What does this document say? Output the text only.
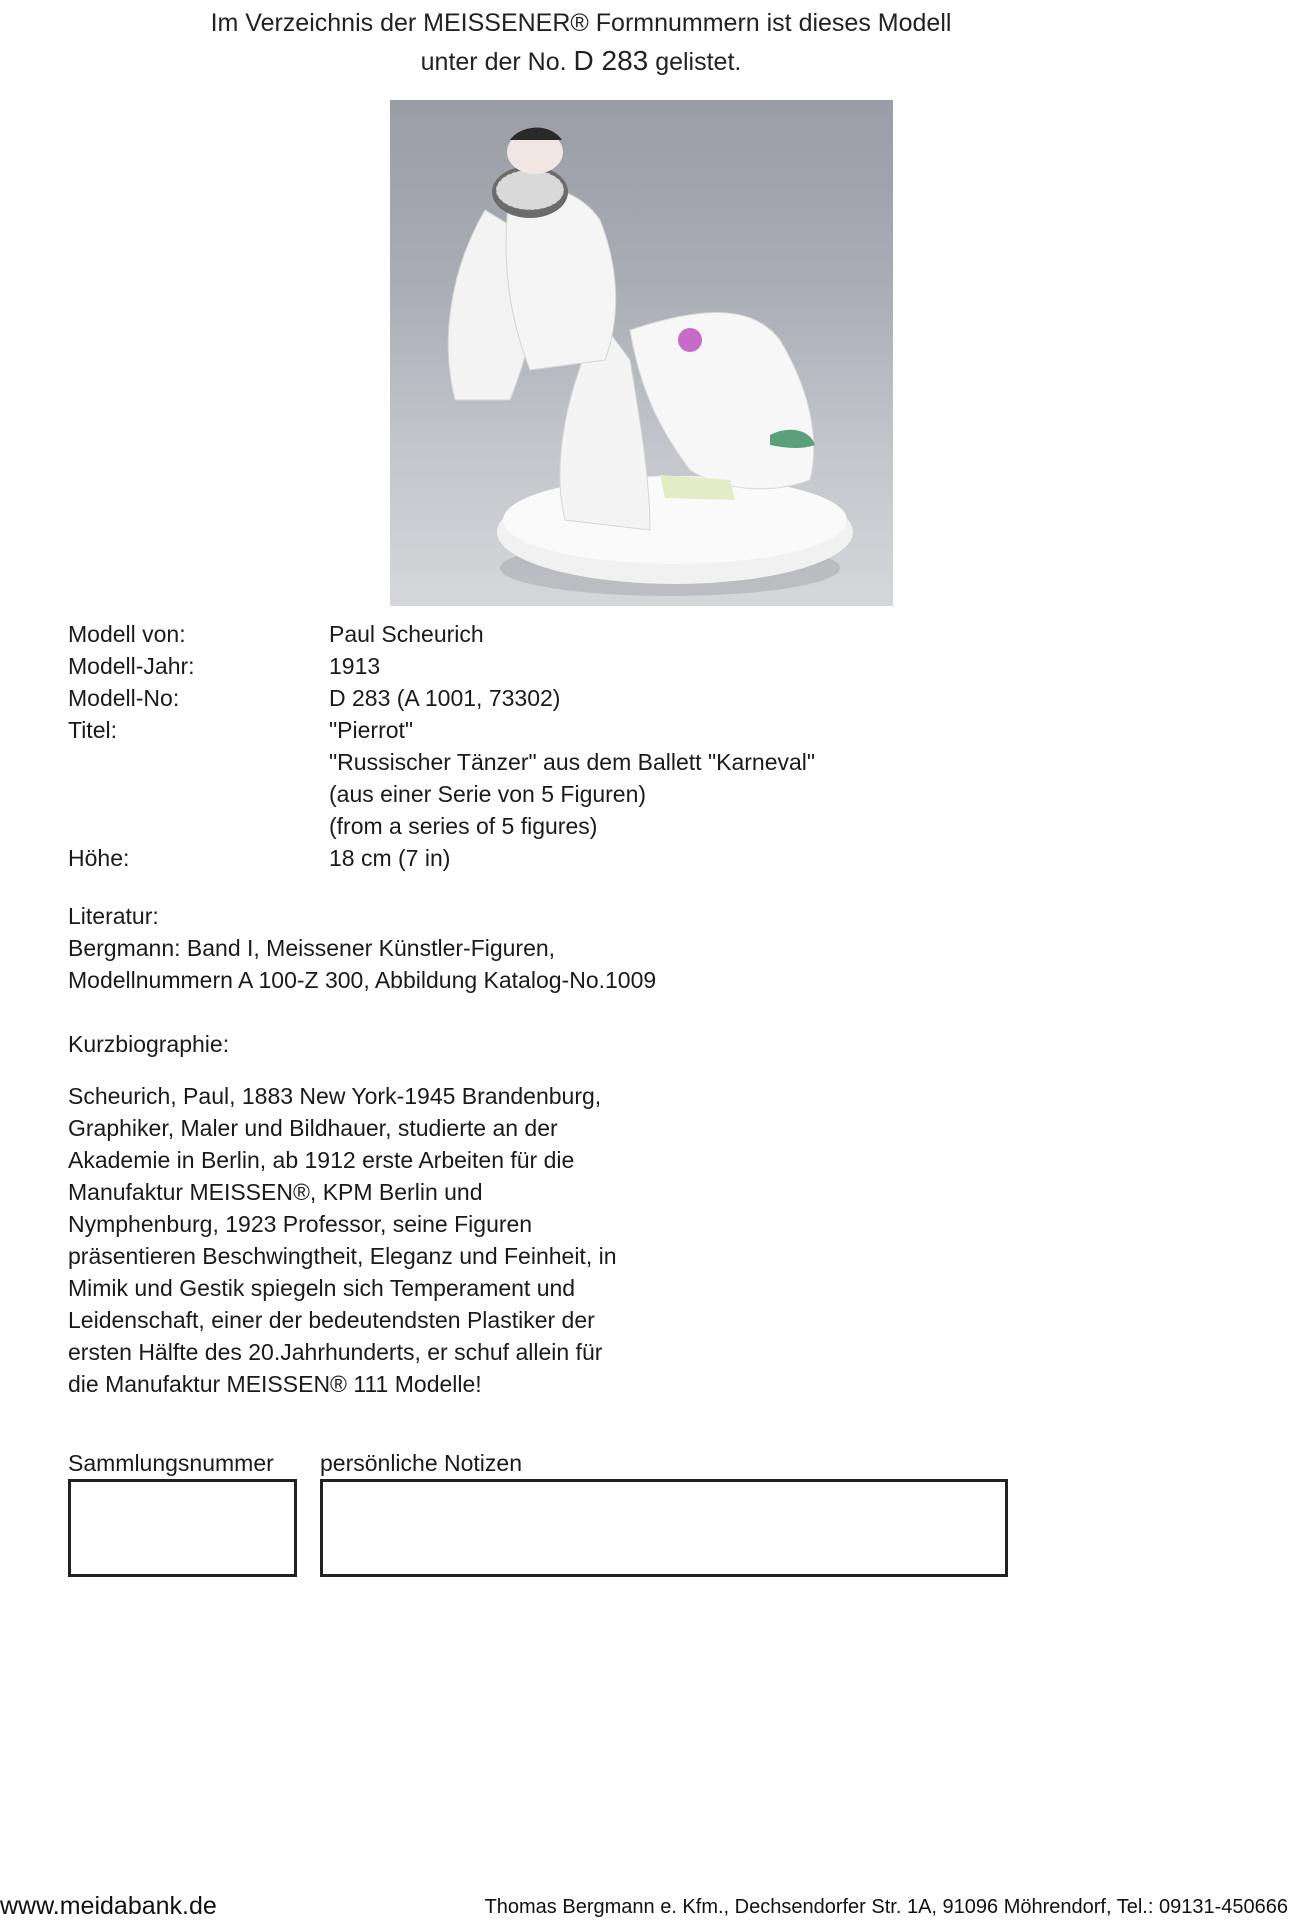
Im Verzeichnis der MEISSENER® Formnummern ist dieses Modell
unter der No. D 283 gelistet.
Modell von:	Paul Scheurich
Modell-Jahr:	1913
Modell-No:	D 283 (A 1001, 73302)
Titel:	"Pierrot"
"Russischer Tänzer" aus dem Ballett "Karneval"
(aus einer Serie von 5 Figuren)
(from a series of 5 figures)
Höhe:	18 cm (7 in)
Literatur:
Bergmann: Band I, Meissener Künstler-Figuren,
Modellnummern A 100-Z 300, Abbildung Katalog-No.1009
Kurzbiographie:
Scheurich, Paul, 1883 New York-1945 Brandenburg,
Graphiker, Maler und Bildhauer, studierte an der
Akademie in Berlin, ab 1912 erste Arbeiten für die
Manufaktur MEISSEN®, KPM Berlin und
Nymphenburg, 1923 Professor, seine Figuren
präsentieren Beschwingtheit, Eleganz und Feinheit, in
Mimik und Gestik spiegeln sich Temperament und
Leidenschaft, einer der bedeutendsten Plastiker der
ersten Hälfte des 20.Jahrhunderts, er schuf allein für
die Manufaktur MEISSEN® 111 Modelle!
Sammlungsnummer persönliche Notizen
www.meidabank.de	Thomas Bergmann e. Kfm., Dechsendorfer Str. 1A, 91096 Möhrendorf, Tel.: 09131-450666
